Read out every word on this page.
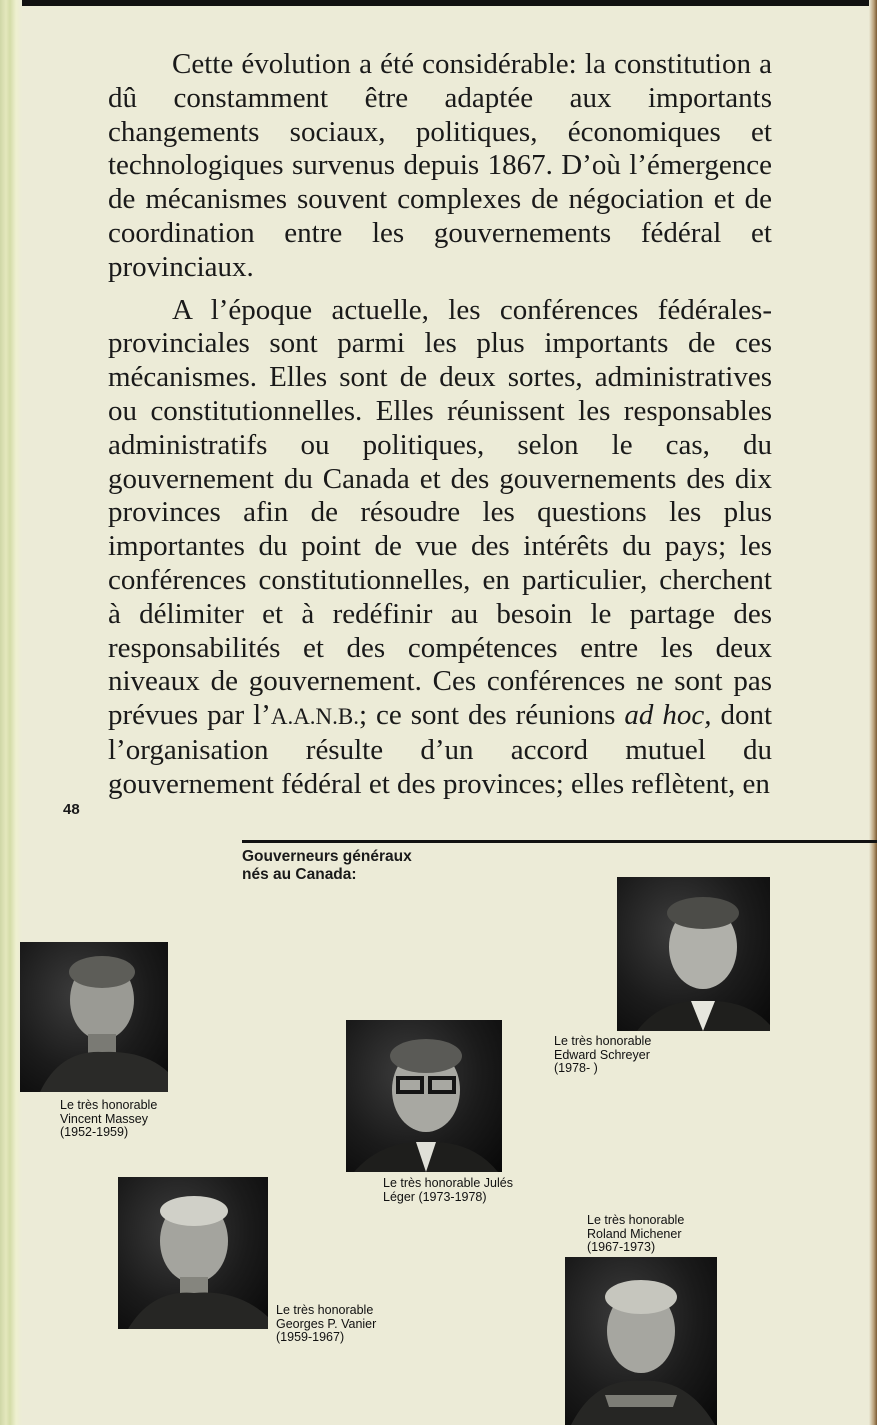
Cette évolution a été considérable: la constitution a dû constamment être adaptée aux importants changements sociaux, politiques, économiques et technologiques survenus depuis 1867. D’où l’émergence de mécanismes souvent complexes de négociation et de coordination entre les gouvernements fédéral et provinciaux.

A l’époque actuelle, les conférences fédérales-provinciales sont parmi les plus importants de ces mécanismes. Elles sont de deux sortes, administratives ou constitutionnelles. Elles réunissent les responsables administratifs ou politiques, selon le cas, du gouvernement du Canada et des gouvernements des dix provinces afin de résoudre les questions les plus importantes du point de vue des intérêts du pays; les conférences constitutionnelles, en particulier, cherchent à délimiter et à redéfinir au besoin le partage des responsabilités et des compétences entre les deux niveaux de gouvernement. Ces conférences ne sont pas prévues par l’A.A.N.B.; ce sont des réunions ad hoc, dont l’organisation résulte d’un accord mutuel du gouvernement fédéral et des provinces; elles reflètent, en

48
Gouverneurs généraux
nés au Canada:
Le très honorable
Vincent Massey
(1952-1959)
Le très honorable
Georges P. Vanier
(1959-1967)
Le très honorable Julés
Léger (1973-1978)
Le très honorable
Edward Schreyer
(1978- )
Le très honorable
Roland Michener
(1967-1973)
